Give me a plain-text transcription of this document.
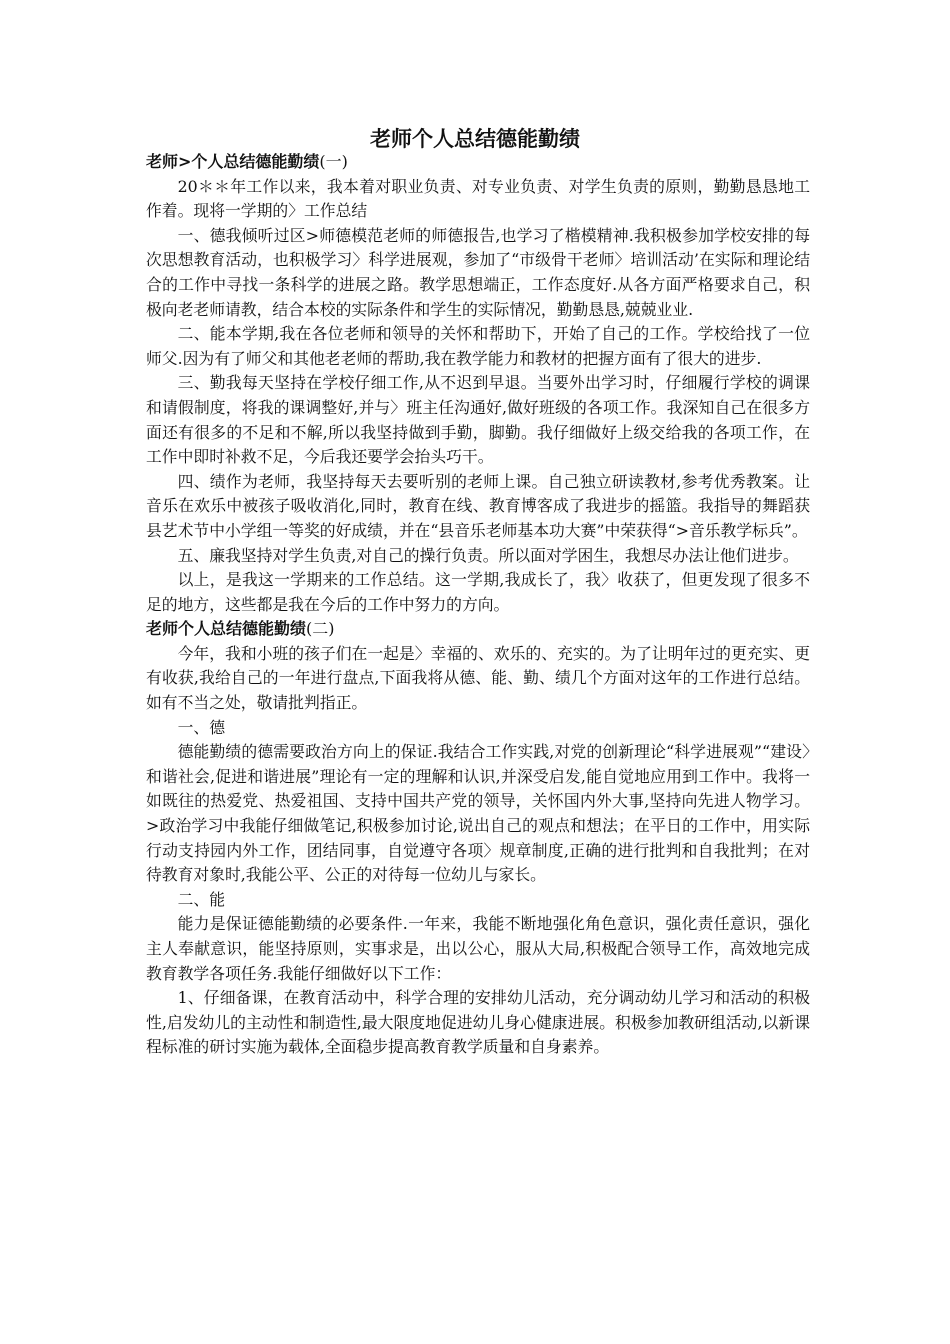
老师个人总结德能勤绩

老师>个人总结德能勤绩(一)

20＊＊年工作以来，我本着对职业负责、对专业负责、对学生负责的原则，勤勤恳恳地工作着。现将一学期的〉工作总结

一、德我倾听过区>师德模范老师的师德报告,也学习了楷模精神.我积极参加学校安排的每次思想教育活动，也积极学习〉科学进展观，参加了“市级骨干老师〉培训活动’在实际和理论结合的工作中寻找一条科学的进展之路。教学思想端正，工作态度好.从各方面严格要求自己，积极向老老师请教，结合本校的实际条件和学生的实际情况，勤勤恳恳,兢兢业业.

二、能本学期,我在各位老师和领导的关怀和帮助下，开始了自己的工作。学校给找了一位师父.因为有了师父和其他老老师的帮助,我在教学能力和教材的把握方面有了很大的进步.

三、勤我每天坚持在学校仔细工作,从不迟到早退。当要外出学习时，仔细履行学校的调课和请假制度，将我的课调整好,并与〉班主任沟通好,做好班级的各项工作。我深知自己在很多方面还有很多的不足和不解,所以我坚持做到手勤，脚勤。我仔细做好上级交给我的各项工作，在工作中即时补救不足，今后我还要学会抬头巧干。

四、绩作为老师，我坚持每天去要听别的老师上课。自己独立研读教材,参考优秀教案。让音乐在欢乐中被孩子吸收消化,同时，教育在线、教育博客成了我进步的摇篮。我指导的舞蹈获县艺术节中小学组一等奖的好成绩，并在“县音乐老师基本功大赛”中荣获得“>音乐教学标兵”。

五、廉我坚持对学生负责,对自己的操行负责。所以面对学困生，我想尽办法让他们进步。

以上，是我这一学期来的工作总结。这一学期,我成长了，我〉收获了，但更发现了很多不足的地方，这些都是我在今后的工作中努力的方向。

老师个人总结德能勤绩(二)

今年，我和小班的孩子们在一起是〉幸福的、欢乐的、充实的。为了让明年过的更充实、更有收获,我给自己的一年进行盘点,下面我将从德、能、勤、绩几个方面对这年的工作进行总结。如有不当之处，敬请批判指正。

一、德

德能勤绩的德需要政治方向上的保证.我结合工作实践,对党的创新理论“科学进展观”“建设〉和谐社会,促进和谐进展”理论有一定的理解和认识,并深受启发,能自觉地应用到工作中。我将一如既往的热爱党、热爱祖国、支持中国共产党的领导，关怀国内外大事,坚持向先进人物学习。>政治学习中我能仔细做笔记,积极参加讨论,说出自己的观点和想法；在平日的工作中，用实际行动支持园内外工作，团结同事，自觉遵守各项〉规章制度,正确的进行批判和自我批判；在对待教育对象时,我能公平、公正的对待每一位幼儿与家长。

二、能

能力是保证德能勤绩的必要条件.一年来，我能不断地强化角色意识，强化责任意识，强化主人奉献意识，能坚持原则，实事求是，出以公心，服从大局,积极配合领导工作，高效地完成教育教学各项任务.我能仔细做好以下工作：

1、仔细备课，在教育活动中，科学合理的安排幼儿活动，充分调动幼儿学习和活动的积极性,启发幼儿的主动性和制造性,最大限度地促进幼儿身心健康进展。积极参加教研组活动,以新课程标准的研讨实施为载体,全面稳步提高教育教学质量和自身素养。
